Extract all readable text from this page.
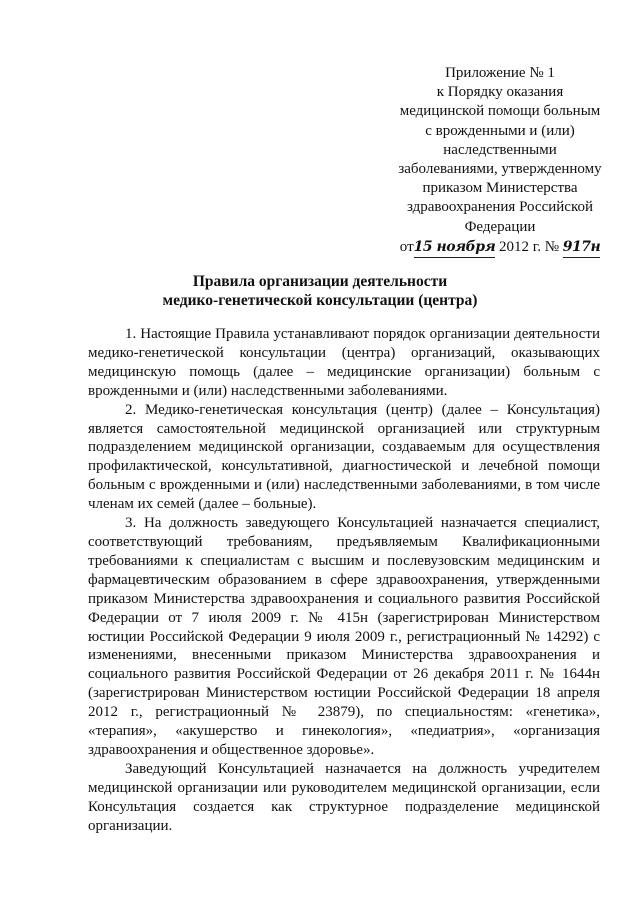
Приложение № 1
к Порядку оказания
медицинской помощи больным
с врожденными и (или)
наследственными
заболеваниями, утвержденному
приказом Министерства
здравоохранения Российской
Федерации
от15 ноября 2012 г. № 917н
Правила организации деятельности
медико-генетической консультации (центра)

1. Настоящие Правила устанавливают порядок организации деятельности медико-генетической консультации (центра) организаций, оказывающих медицинскую помощь (далее – медицинские организации) больным с врожденными и (или) наследственными заболеваниями.

2. Медико-генетическая консультация (центр) (далее – Консультация) является самостоятельной медицинской организацией или структурным подразделением медицинской организации, создаваемым для осуществления профилактической, консультативной, диагностической и лечебной помощи больным с врожденными и (или) наследственными заболеваниями, в том числе членам их семей (далее – больные).

3. На должность заведующего Консультацией назначается специалист, соответствующий требованиям, предъявляемым Квалификационными требованиями к специалистам с высшим и послевузовским медицинским и фармацевтическим образованием в сфере здравоохранения, утвержденными приказом Министерства здравоохранения и социального развития Российской Федерации от 7 июля 2009 г. № 415н (зарегистрирован Министерством юстиции Российской Федерации 9 июля 2009 г., регистрационный № 14292) с изменениями, внесенными приказом Министерства здравоохранения и социального развития Российской Федерации от 26 декабря 2011 г. № 1644н (зарегистрирован Министерством юстиции Российской Федерации 18 апреля 2012 г., регистрационный № 23879), по специальностям: «генетика», «терапия», «акушерство и гинекология», «педиатрия», «организация здравоохранения и общественное здоровье».

Заведующий Консультацией назначается на должность учредителем медицинской организации или руководителем медицинской организации, если Консультация создается как структурное подразделение медицинской организации.
